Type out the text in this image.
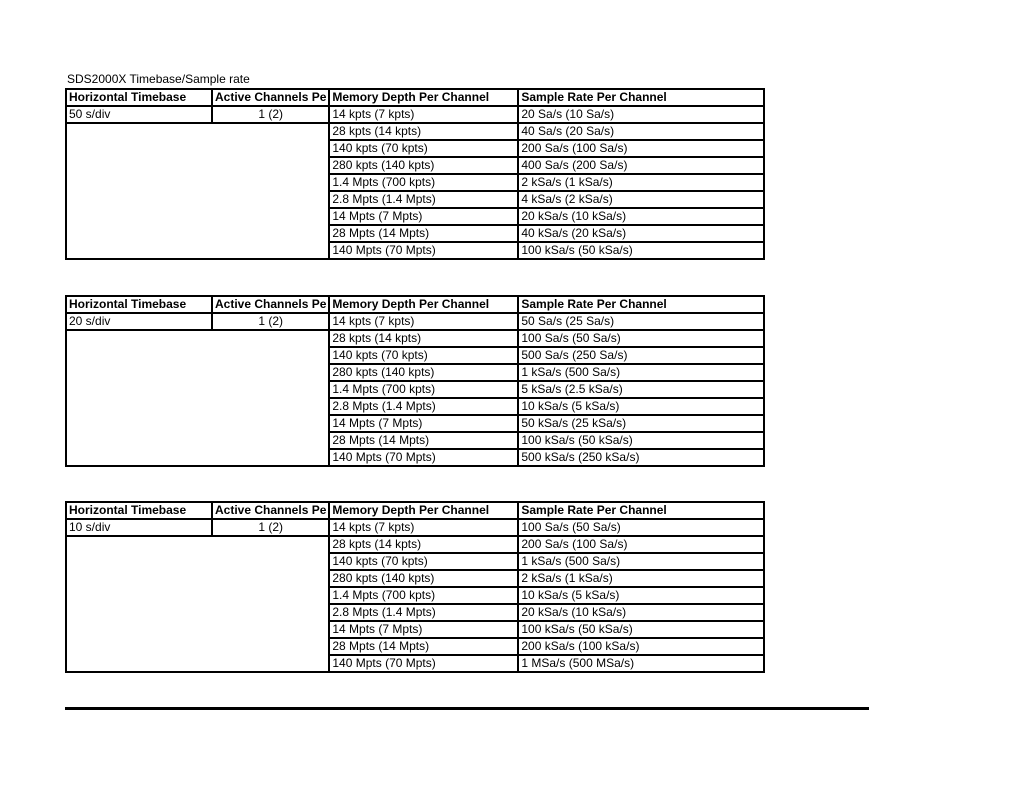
SDS2000X Timebase/Sample rate
Horizontal Timebase	Active Channels Pe	Memory Depth Per Channel	Sample Rate Per Channel
50 s/div	1 (2)	14 kpts (7 kpts)	20 Sa/s (10 Sa/s)
		28 kpts (14 kpts)	40 Sa/s (20 Sa/s)
		140 kpts (70 kpts)	200 Sa/s (100 Sa/s)
		280 kpts (140 kpts)	400 Sa/s (200 Sa/s)
		1.4 Mpts (700 kpts)	2 kSa/s (1 kSa/s)
		2.8 Mpts (1.4 Mpts)	4 kSa/s (2 kSa/s)
		14 Mpts (7 Mpts)	20 kSa/s (10 kSa/s)
		28 Mpts (14 Mpts)	40 kSa/s (20 kSa/s)
		140 Mpts (70 Mpts)	100 kSa/s (50 kSa/s)
Horizontal Timebase	Active Channels Pe	Memory Depth Per Channel	Sample Rate Per Channel
20 s/div	1 (2)	14 kpts (7 kpts)	50 Sa/s (25 Sa/s)
		28 kpts (14 kpts)	100 Sa/s (50 Sa/s)
		140 kpts (70 kpts)	500 Sa/s (250 Sa/s)
		280 kpts (140 kpts)	1 kSa/s (500 Sa/s)
		1.4 Mpts (700 kpts)	5 kSa/s (2.5 kSa/s)
		2.8 Mpts (1.4 Mpts)	10 kSa/s (5 kSa/s)
		14 Mpts (7 Mpts)	50 kSa/s (25 kSa/s)
		28 Mpts (14 Mpts)	100 kSa/s (50 kSa/s)
		140 Mpts (70 Mpts)	500 kSa/s (250 kSa/s)
Horizontal Timebase	Active Channels Pe	Memory Depth Per Channel	Sample Rate Per Channel
10 s/div	1 (2)	14 kpts (7 kpts)	100 Sa/s (50 Sa/s)
		28 kpts (14 kpts)	200 Sa/s (100 Sa/s)
		140 kpts (70 kpts)	1 kSa/s (500 Sa/s)
		280 kpts (140 kpts)	2 kSa/s (1 kSa/s)
		1.4 Mpts (700 kpts)	10 kSa/s (5 kSa/s)
		2.8 Mpts (1.4 Mpts)	20 kSa/s (10 kSa/s)
		14 Mpts (7 Mpts)	100 kSa/s (50 kSa/s)
		28 Mpts (14 Mpts)	200 kSa/s (100 kSa/s)
		140 Mpts (70 Mpts)	1 MSa/s (500 MSa/s)
